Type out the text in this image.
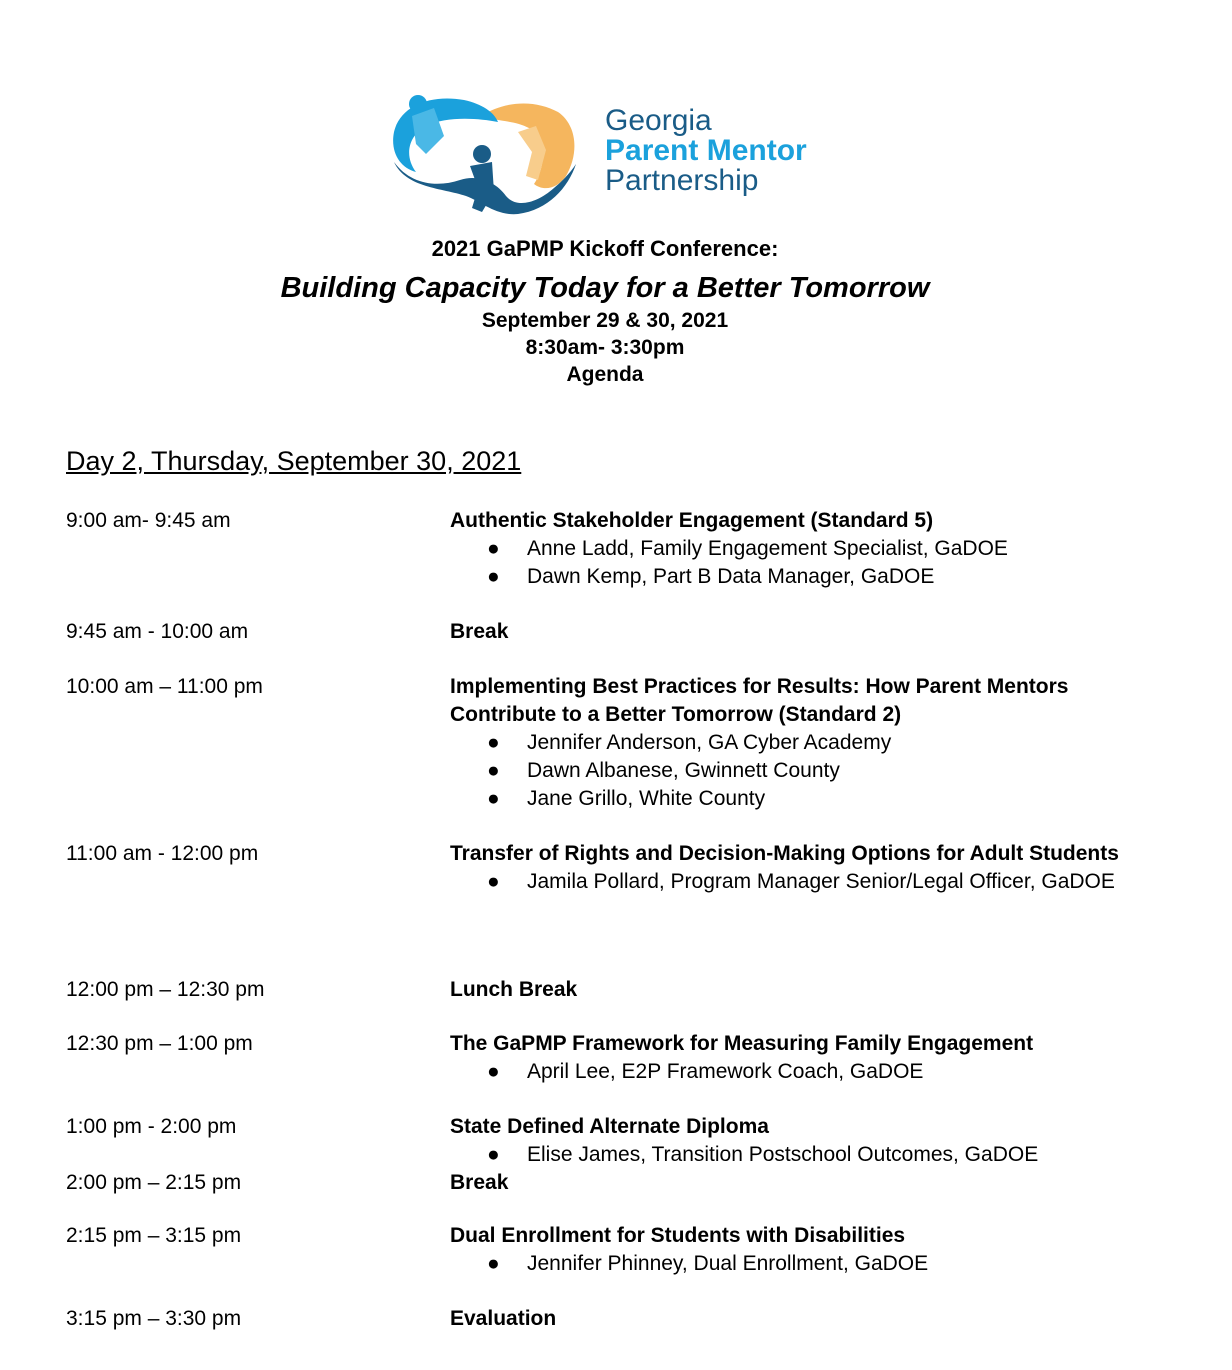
Georgia
Parent Mentor
Partnership
2021 GaPMP Kickoff Conference:
Building Capacity Today for a Better Tomorrow
September 29 & 30, 2021
8:30am- 3:30pm
Agenda
Day 2, Thursday, September 30, 2021
9:00 am- 9:45 am	Authentic Stakeholder Engagement (Standard 5)
● Anne Ladd, Family Engagement Specialist, GaDOE
● Dawn Kemp, Part B Data Manager, GaDOE
9:45 am - 10:00 am	Break
10:00 am – 11:00 pm	Implementing Best Practices for Results: How Parent Mentors Contribute to a Better Tomorrow (Standard 2)
● Jennifer Anderson, GA Cyber Academy
● Dawn Albanese, Gwinnett County
● Jane Grillo, White County
11:00 am - 12:00 pm	Transfer of Rights and Decision-Making Options for Adult Students
● Jamila Pollard, Program Manager Senior/Legal Officer, GaDOE
12:00 pm – 12:30 pm	Lunch Break
12:30 pm – 1:00 pm	The GaPMP Framework for Measuring Family Engagement
● April Lee, E2P Framework Coach, GaDOE
1:00 pm - 2:00 pm	State Defined Alternate Diploma
● Elise James, Transition Postschool Outcomes, GaDOE
2:00 pm – 2:15 pm	Break
2:15 pm – 3:15 pm	Dual Enrollment for Students with Disabilities
● Jennifer Phinney, Dual Enrollment, GaDOE
3:15 pm – 3:30 pm	Evaluation
